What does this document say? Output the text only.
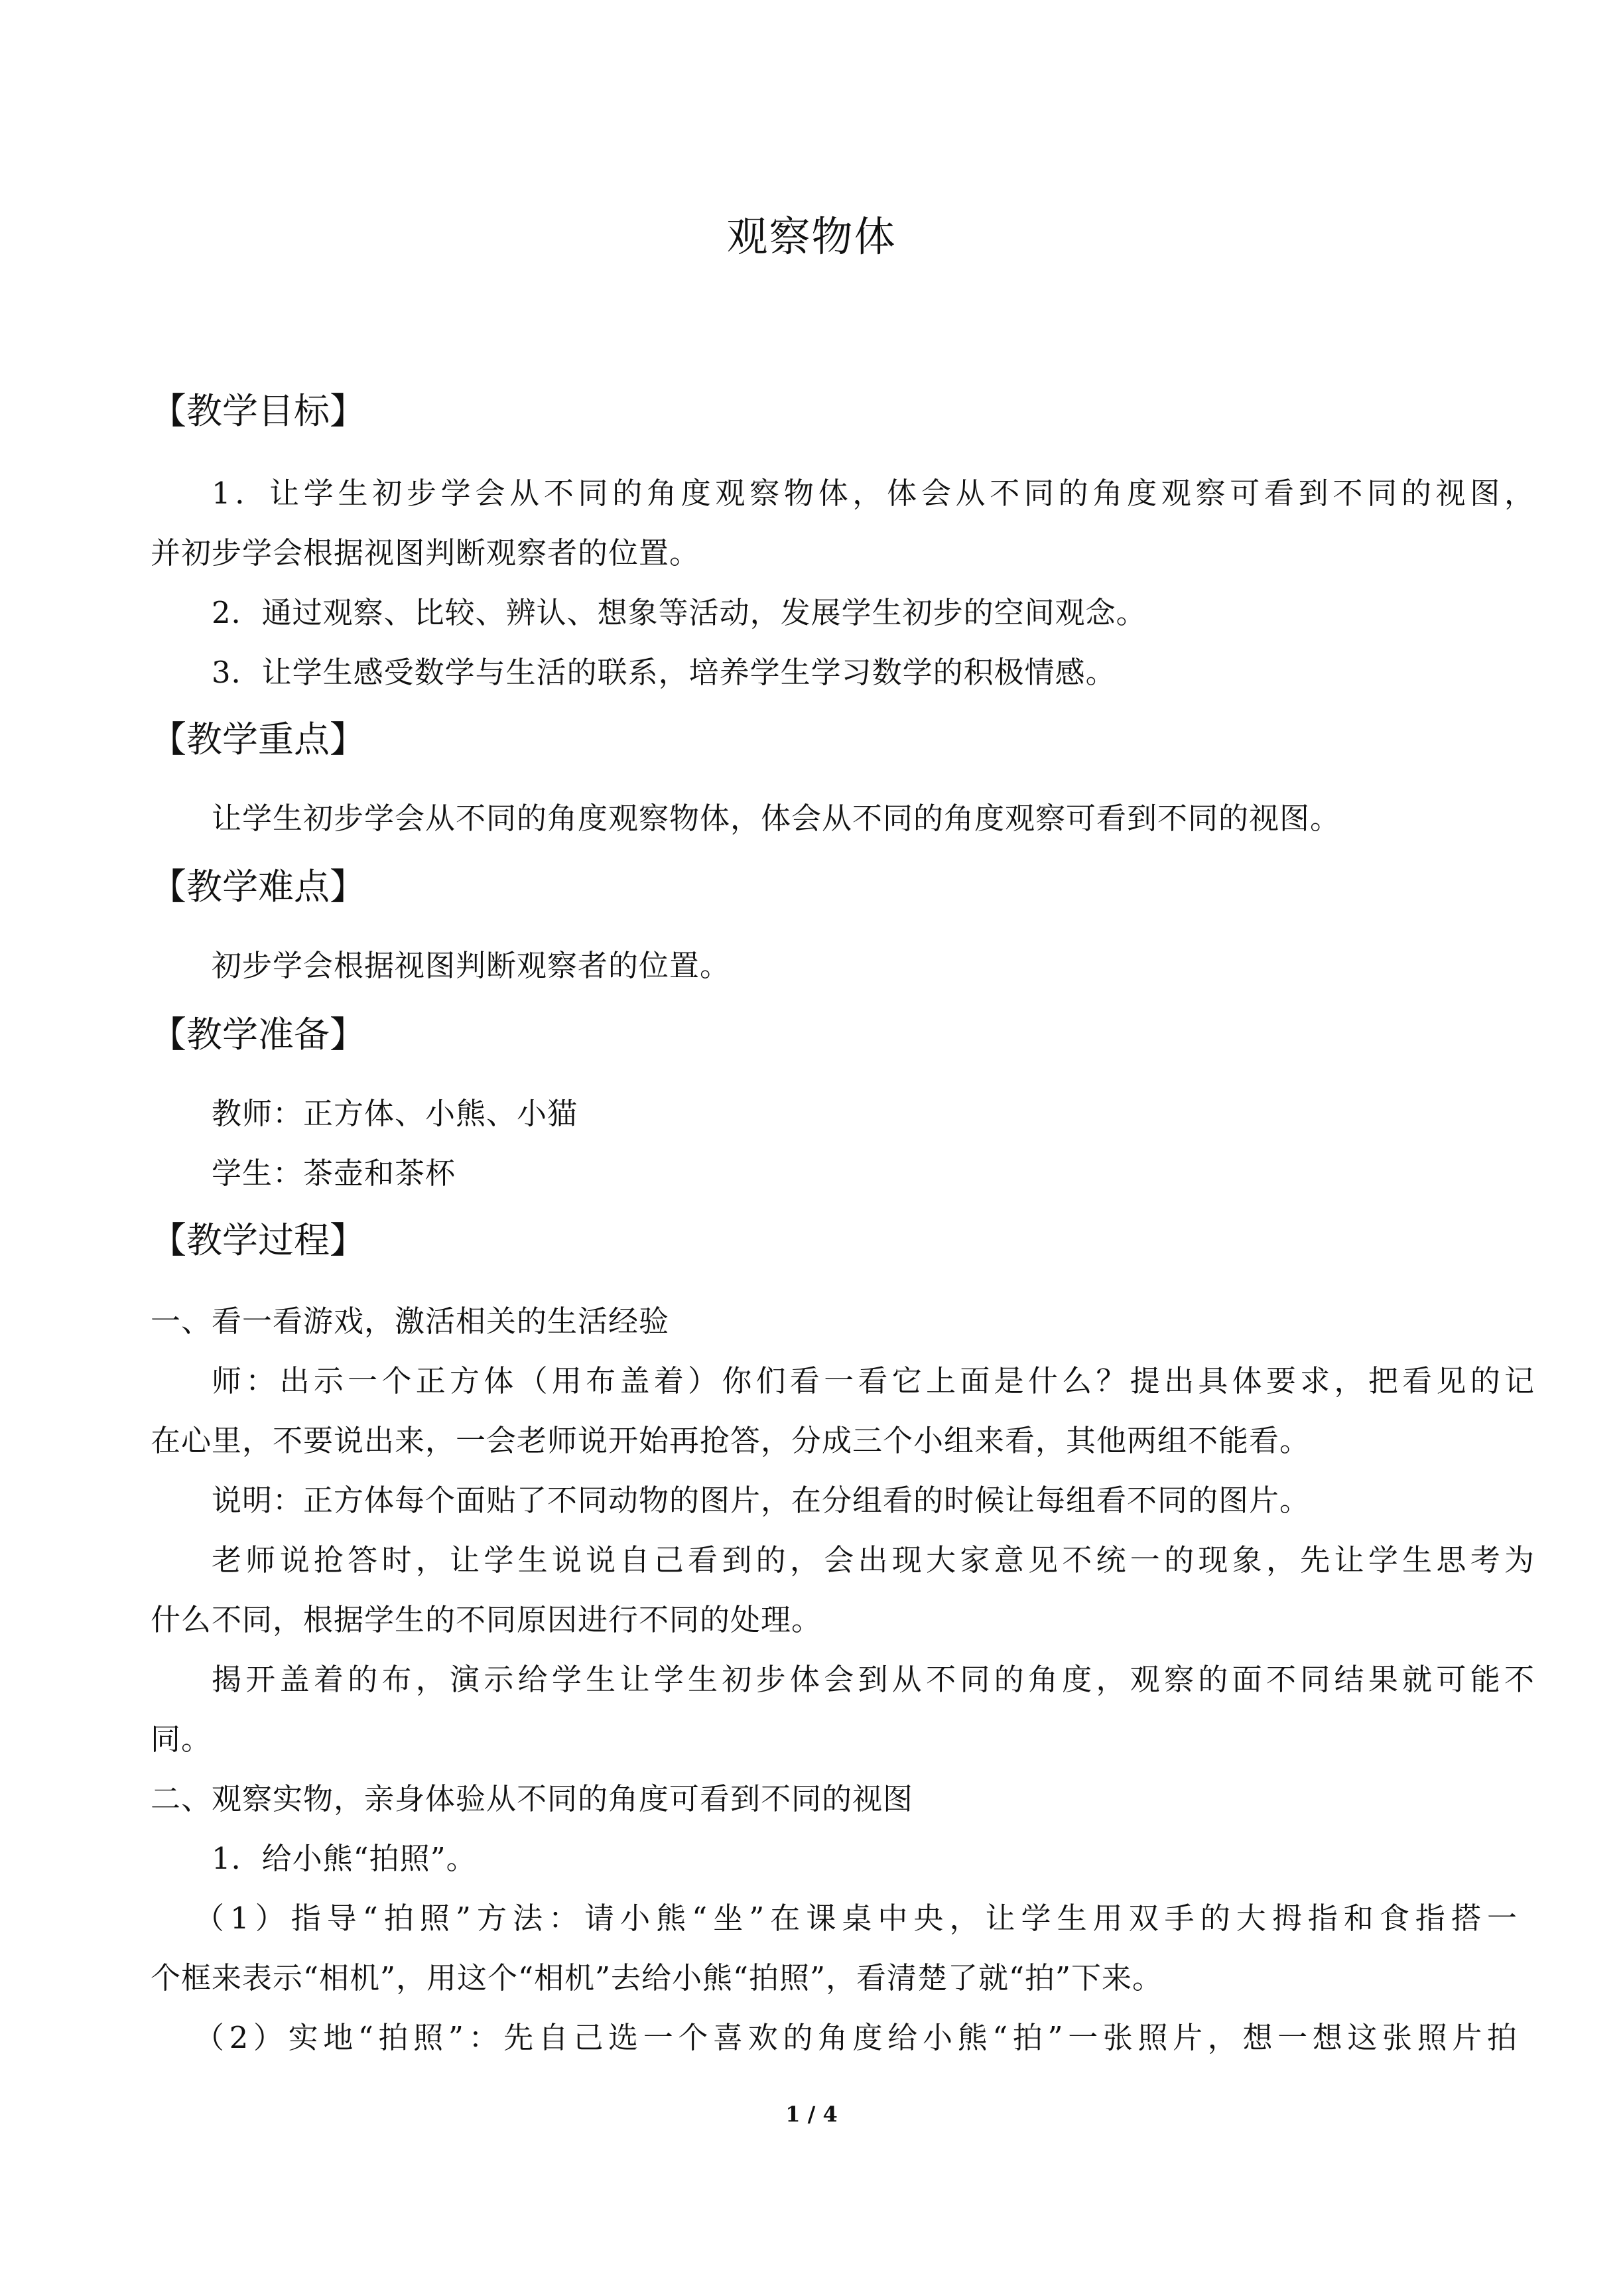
观察物体
【教学目标】
1．让学生初步学会从不同的角度观察物体，体会从不同的角度观察可看到不同的视图，
并初步学会根据视图判断观察者的位置。
2．通过观察、比较、辨认、想象等活动，发展学生初步的空间观念。
3．让学生感受数学与生活的联系，培养学生学习数学的积极情感。
【教学重点】
让学生初步学会从不同的角度观察物体，体会从不同的角度观察可看到不同的视图。
【教学难点】
初步学会根据视图判断观察者的位置。
【教学准备】
教师：正方体、小熊、小猫
学生：茶壶和茶杯
【教学过程】
一、看一看游戏，激活相关的生活经验
师：出示一个正方体（用布盖着）你们看一看它上面是什么？提出具体要求，把看见的记
在心里，不要说出来，一会老师说开始再抢答，分成三个小组来看，其他两组不能看。
说明：正方体每个面贴了不同动物的图片，在分组看的时候让每组看不同的图片。
老师说抢答时，让学生说说自己看到的，会出现大家意见不统一的现象，先让学生思考为
什么不同，根据学生的不同原因进行不同的处理。
揭开盖着的布，演示给学生让学生初步体会到从不同的角度，观察的面不同结果就可能不
同。
二、观察实物，亲身体验从不同的角度可看到不同的视图
1．给小熊“拍照”。
（1）指导“拍照”方法：请小熊“坐”在课桌中央，让学生用双手的大拇指和食指搭一
个框来表示“相机”，用这个“相机”去给小熊“拍照”，看清楚了就“拍”下来。
（2）实地“拍照”：先自己选一个喜欢的角度给小熊“拍”一张照片，想一想这张照片拍
1 / 4
